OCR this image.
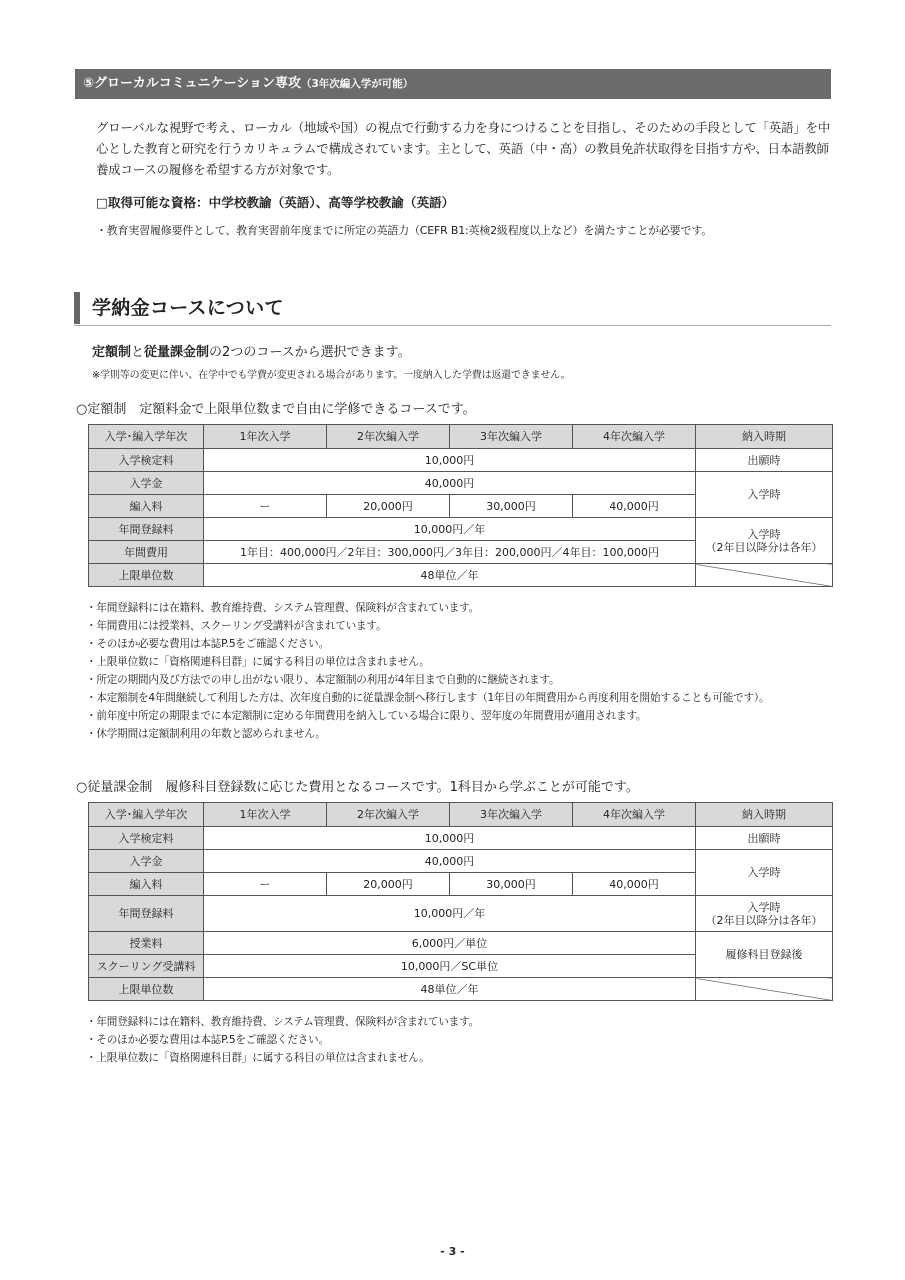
⑤グローカルコミュニケーション専攻（3年次編入学が可能）

グローバルな視野で考え、ローカル（地域や国）の視点で行動する力を身につけることを目指し、そのための手段として「英語」を中心とした教育と研究を行うカリキュラムで構成されています。主として、英語（中・高）の教員免許状取得を目指す方や、日本語教師養成コースの履修を希望する方が対象です。

□取得可能な資格：中学校教諭（英語）、高等学校教諭（英語）

・教育実習履修要件として、教育実習前年度までに所定の英語力（CEFR B1:英検2級程度以上など）を満たすことが必要です。

学納金コースについて

定額制と従量課金制の2つのコースから選択できます。

※学則等の変更に伴い、在学中でも学費が変更される場合があります。一度納入した学費は返還できません。

○定額制　定額料金で上限単位数まで自由に学修できるコースです。

入学･編入学年次	1年次入学	2年次編入学	3年次編入学	4年次編入学	納入時期
入学検定料	10,000円				出願時
入学金	40,000円				入学時
編入料	ー	20,000円	30,000円	40,000円	
年間登録料	10,000円／年				入学時
（2年目以降分は各年）

年間費用	1年目：400,000円／2年目：300,000円／3年目：200,000円／4年目：100,000円				
上限単位数	48単位／年				
・年間登録料には在籍料、教育維持費、システム管理費、保険料が含まれています。
・年間費用には授業料、スクーリング受講料が含まれています。
・そのほか必要な費用は本誌P.5をご確認ください。
・上限単位数に「資格関連科目群」に属する科目の単位は含まれません。
・所定の期間内及び方法での申し出がない限り、本定額制の利用が4年目まで自動的に継続されます。
・本定額制を4年間継続して利用した方は、次年度自動的に従量課金制へ移行します（1年目の年間費用から再度利用を開始することも可能です）。
・前年度中所定の期限までに本定額制に定める年間費用を納入している場合に限り、翌年度の年間費用が適用されます。
・休学期間は定額制利用の年数と認められません。

○従量課金制　履修科目登録数に応じた費用となるコースです。1科目から学ぶことが可能です。

入学･編入学年次	1年次入学	2年次編入学	3年次編入学	4年次編入学	納入時期
入学検定料	10,000円				出願時
入学金	40,000円				入学時
編入料	ー	20,000円	30,000円	40,000円	
年間登録料	10,000円／年				入学時
（2年目以降分は各年）

授業料	6,000円／単位				履修科目登録後
スクーリング受講料	10,000円／SC単位				
上限単位数	48単位／年				
・年間登録料には在籍料、教育維持費、システム管理費、保険料が含まれています。
・そのほか必要な費用は本誌P.5をご確認ください。
・上限単位数に「資格関連科目群」に属する科目の単位は含まれません。
- 3 -
